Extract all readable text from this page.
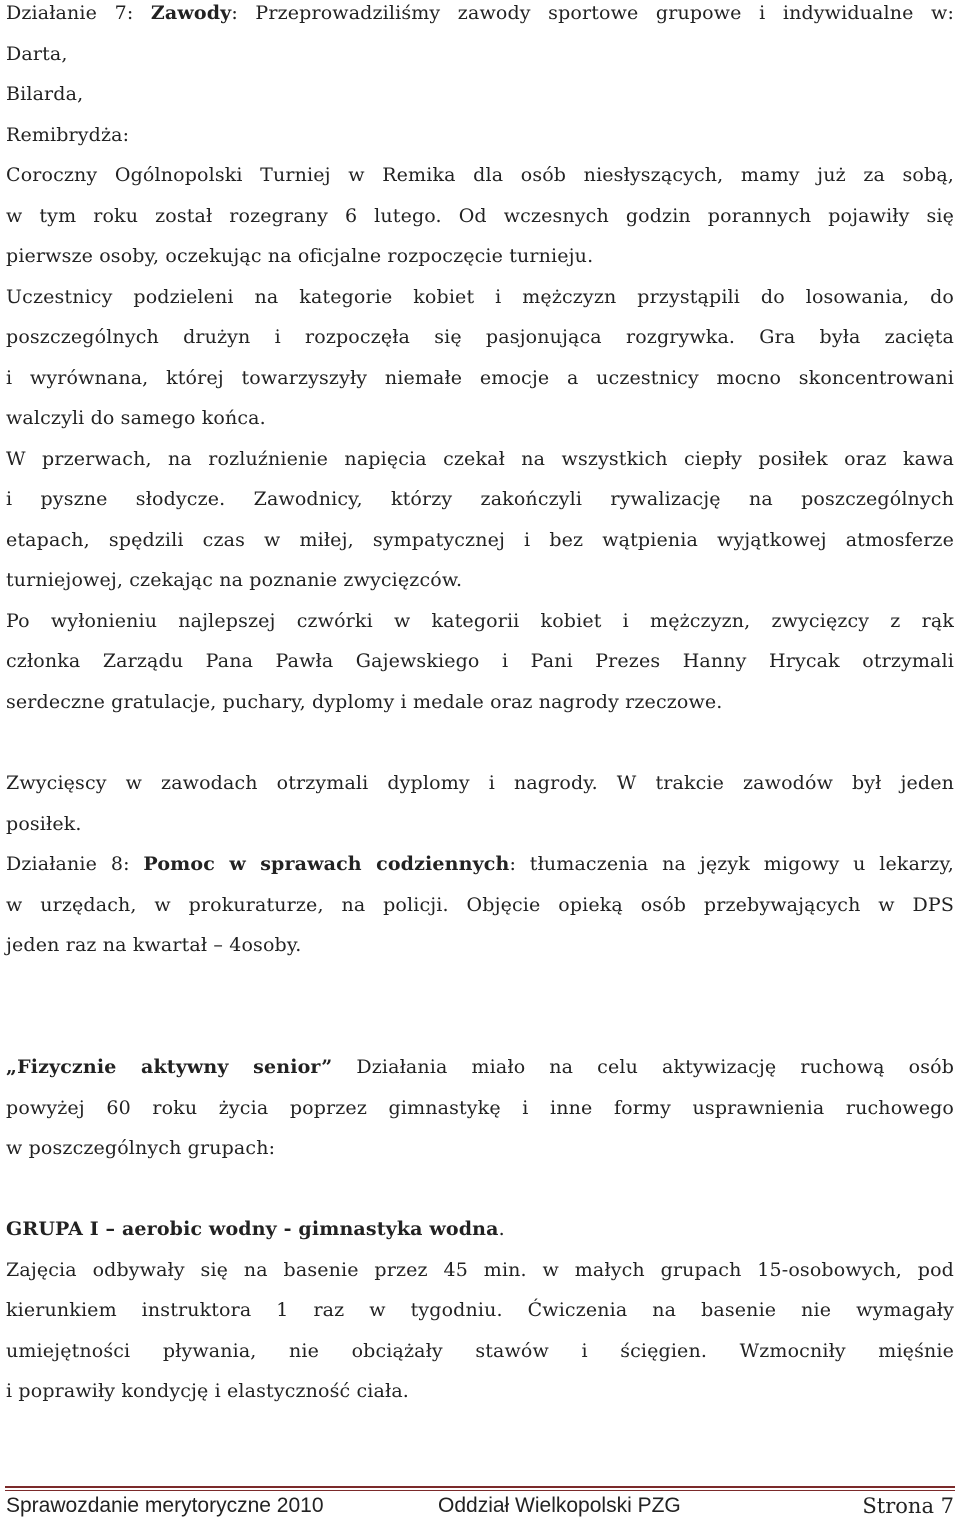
Działanie 7: Zawody: Przeprowadziliśmy zawody sportowe grupowe i indywidualne w:
Darta,
Bilarda,
Remibrydża:
Coroczny Ogólnopolski Turniej w Remika dla osób niesłyszących, mamy już za sobą,
w tym roku został rozegrany 6 lutego. Od wczesnych godzin porannych pojawiły się
pierwsze osoby, oczekując na oficjalne rozpoczęcie turnieju.
Uczestnicy podzieleni na kategorie kobiet i mężczyzn przystąpili do losowania, do
poszczególnych drużyn i rozpoczęła się pasjonująca rozgrywka. Gra była zacięta
i wyrównana, której towarzyszyły niemałe emocje a uczestnicy mocno skoncentrowani
walczyli do samego końca.
W przerwach, na rozluźnienie napięcia czekał na wszystkich ciepły posiłek oraz kawa
i pyszne słodycze. Zawodnicy, którzy zakończyli rywalizację na poszczególnych
etapach, spędzili czas w miłej, sympatycznej i bez wątpienia wyjątkowej atmosferze
turniejowej, czekając na poznanie zwycięzców.
Po wyłonieniu najlepszej czwórki w kategorii kobiet i mężczyzn, zwycięzcy z rąk
członka Zarządu Pana Pawła Gajewskiego i Pani Prezes Hanny Hrycak otrzymali
serdeczne gratulacje, puchary, dyplomy i medale oraz nagrody rzeczowe.
Zwycięscy w zawodach otrzymali dyplomy i nagrody. W trakcie zawodów był jeden
posiłek.
Działanie 8: Pomoc w sprawach codziennych: tłumaczenia na język migowy u lekarzy,
w urzędach, w prokuraturze, na policji. Objęcie opieką osób przebywających w DPS
jeden raz na kwartał – 4osoby.
„Fizycznie aktywny senior” Działania miało na celu aktywizację ruchową osób
powyżej 60 roku życia poprzez gimnastykę i inne formy usprawnienia ruchowego
w poszczególnych grupach:
GRUPA I – aerobic wodny - gimnastyka wodna.
Zajęcia odbywały się na basenie przez 45 min. w małych grupach 15-osobowych, pod
kierunkiem instruktora 1 raz w tygodniu. Ćwiczenia na basenie nie wymagały
umiejętności pływania, nie obciążały stawów i ścięgien. Wzmocniły mięśnie
i poprawiły kondycję i elastyczność ciała.
Sprawozdanie merytoryczne 2010	Oddział Wielkopolski PZG	Strona 7
